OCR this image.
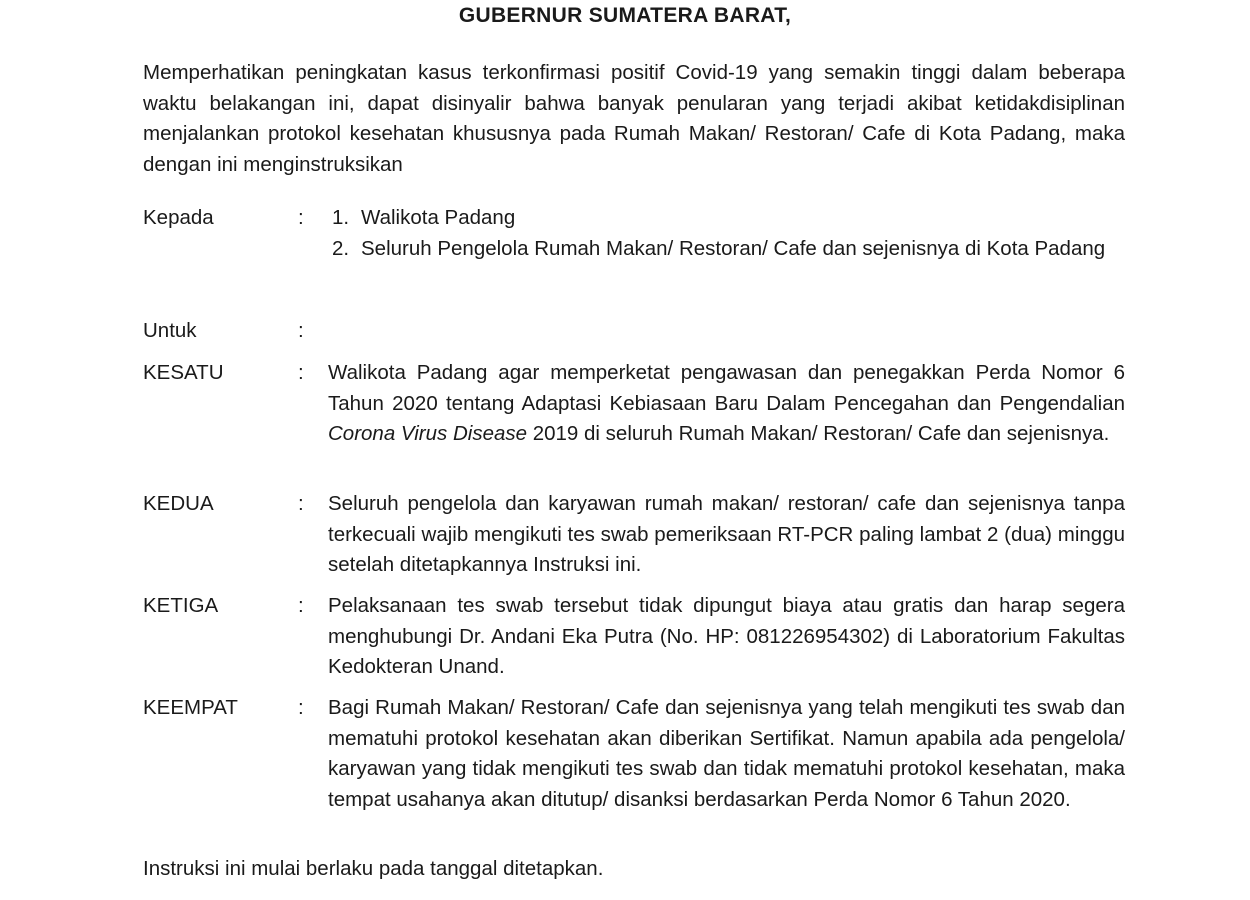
GUBERNUR SUMATERA BARAT,
Memperhatikan peningkatan kasus terkonfirmasi positif Covid-19 yang semakin tinggi dalam beberapa waktu belakangan ini, dapat disinyalir bahwa banyak penularan yang terjadi akibat ketidakdisiplinan menjalankan protokol kesehatan khususnya pada Rumah Makan/ Restoran/ Cafe di Kota Padang, maka dengan ini menginstruksikan
Kepada	: 1. Walikota Padang
2. Seluruh Pengelola Rumah Makan/ Restoran/ Cafe dan sejenisnya di Kota Padang
Untuk	:
KESATU	: Walikota Padang agar memperketat pengawasan dan penegakkan Perda Nomor 6 Tahun 2020 tentang Adaptasi Kebiasaan Baru Dalam Pencegahan dan Pengendalian Corona Virus Disease 2019 di seluruh Rumah Makan/ Restoran/ Cafe dan sejenisnya.
KEDUA	: Seluruh pengelola dan karyawan rumah makan/ restoran/ cafe dan sejenisnya tanpa terkecuali wajib mengikuti tes swab pemeriksaan RT-PCR paling lambat 2 (dua) minggu setelah ditetapkannya Instruksi ini.
KETIGA	: Pelaksanaan tes swab tersebut tidak dipungut biaya atau gratis dan harap segera menghubungi Dr. Andani Eka Putra (No. HP: 081226954302) di Laboratorium Fakultas Kedokteran Unand.
KEEMPAT	: Bagi Rumah Makan/ Restoran/ Cafe dan sejenisnya yang telah mengikuti tes swab dan mematuhi protokol kesehatan akan diberikan Sertifikat. Namun apabila ada pengelola/ karyawan yang tidak mengikuti tes swab dan tidak mematuhi protokol kesehatan, maka tempat usahanya akan ditutup/ disanksi berdasarkan Perda Nomor 6 Tahun 2020.
Instruksi ini mulai berlaku pada tanggal ditetapkan.
